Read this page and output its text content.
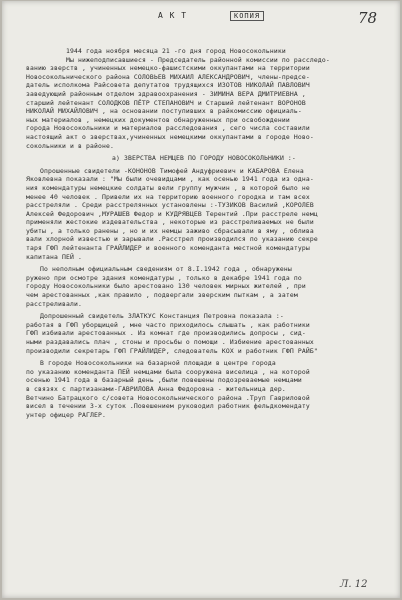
А К Т	КОПИЯ	78
1944 года ноября месяца 21 -го дня город Новосокольники
Мы нижеподписавшиеся - Председатель районной комиссии по расследо-
ванию зверств , учиненных немецко-фашистскими оккупантами на территории
Новосокольнического района СОЛОВЬЕВ МИХАИЛ АЛЕКСАНДРОВИЧ, члены-предсе-
датель исполкома Райсовета депутатов трудящихся ИЗОТОВ НИКОЛАЙ ПАВЛОВИЧ
заведующий районным отделом здравоохранения - ЗИМИНА ВЕРА ДМИТРИЕВНА ,
старший лейтенант СОЛОДКОВ ПЁТР СТЕПАНОВИЧ и Старший лейтенант ВОРОНОВ
НИКОЛАЙ МИХАЙЛОВИЧ , на основании поступивших в райкомиссию официаль-
ных материалов , немецких документов обнаруженных при освобождении
города Новосокольники и материалов расследования , сего числа составили
настоящий акт о зверствах,учиненных немецкими оккупантами в городе Ново-
сокольники и в районе.
а) ЗВЕРСТВА НЕМЦЕВ ПО ГОРОДУ НОВОСОКОЛЬНИКИ :-
Опрошенные свидетели -КОНОНОВ Тимофей Андуфриевич и КАБАРОВА Елена
Яковлевна показали : "Мы были очевидцами , как осенью 1941 года из одна-
ния комендатуры немецкие солдаты вели группу мужчин , в которой было не
менее 40 человек . Привели их на территорию военного городка и там всех
расстреляли . Среди расстрелянных установлены :-ТУЗИКОВ Василий ,КОРОЛЕВ
Алексей Федорович ,МУРАШЕВ Федор и КУДРЯВЦЕВ Терентий .При расстреле немц
применяли жестокие издевательства , некоторые из расстреливаемых не были
убиты , а только ранены , но и их немцы заживо сбрасывали в яму , облива
вали хлорной известью и зарывали .Расстрел производился по указанию секре
таря ГФП лейтенанта ГРАЙЛИДЕР и военного коменданта местной комендатуры
капитана ПЕЙ .
По неполным официальным сведениям от 8.I.1942 года , обнаружены
ружено при осмотре здания комендатуры , только в декабре 1941 года по
городу Новосокольники было арестовано 130 человек мирных жителей , при
чем арестованных ,как правило , подвергали зверским пыткам , а затем
расстреливали.
Допрошенный свидетель ЗЛАТКУС Констанция Петровна показала :-
работая в ГФП уборщицей , мне часто приходилось слышать , как работники
ГФП избивали арестованных . Из комнат где производились допросы , сид-
ными раздавались плач , стоны и просьбы о помощи . Избиение арестованных
производили секретарь ГФП ГРАЙЛИДЕР, следователь КОХ и работник ГФП РАЙБ"
В городе Новосокольники на базарной площади в центре города
по указанию коменданта ПЕЙ немцами была сооружена виселица , на которой
осенью 1941 года в базарный день ,были повешены подозреваемые немцами
в связях с партизанами-ГАВРИЛОВА Анна Федоровна - жительница дер.
Ветчино Батрацкого с/совета Новосокольнического района .Труп Гавриловой
висел в течении 3-х суток .Повешением руководил работник фельдкомендату
унтер офицер РАГЛЕР.
Л. 12
